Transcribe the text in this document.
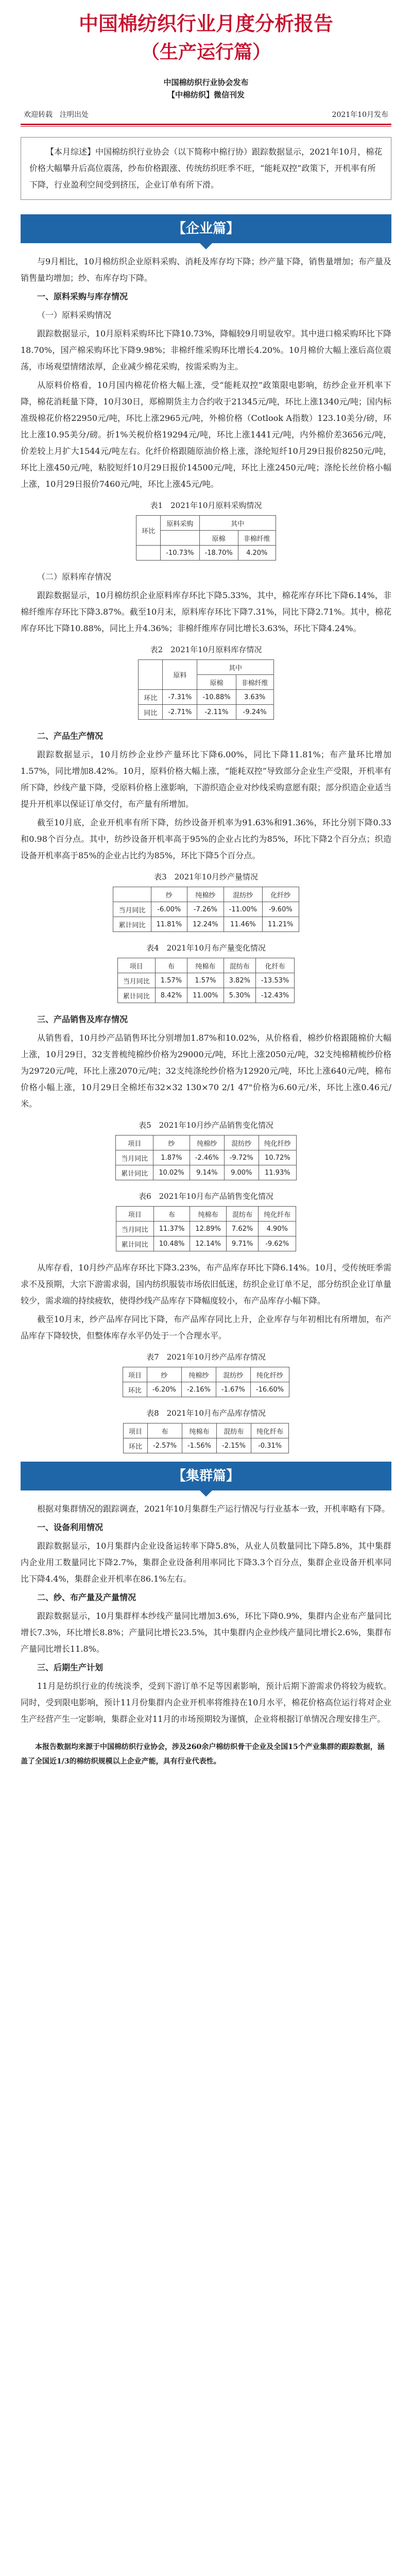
中国棉纺织行业月度分析报告
（生产运行篇）

中国棉纺织行业协会发布

【中棉纺织】微信刊发

欢迎转载　 注明出处	2021年10月发布
【本月综述】中国棉纺织行业协会（以下简称中棉行协）跟踪数据显示，2021年10月，棉花价格大幅攀升后高位震荡，纱布价格跟涨、传统纺织旺季不旺，“能耗双控”政策下，开机率有所下降，行业盈利空间受到挤压，企业订单有所下滑。
【企业篇】

与9月相比，10月棉纺织企业原料采购、消耗及库存均下降；纱产量下降，销售量增加；布产量及销售量均增加；纱、布库存均下降。

一、原料采购与库存情况

（一）原料采购情况

跟踪数据显示，10月原料采购环比下降10.73%，降幅较9月明显收窄。其中进口棉采购环比下降18.70%，国产棉采购环比下降9.98%；非棉纤维采购环比增长4.20%。10月棉价大幅上涨后高位震荡，市场观望情绪浓厚，企业减少棉花采购，按需采购为主。

从原料价格看，10月国内棉花价格大幅上涨，受“能耗双控”政策限电影响，纺纱企业开机率下降，棉花消耗量下降，10月30日，郑棉期货主力合约收于21345元/吨，环比上涨1340元/吨；国内标准级棉花价格22950元/吨，环比上涨2965元/吨，外棉价格（Cotlook A指数）123.10美分/磅，环比上涨10.95美分/磅。折1%关税价格19294元/吨，环比上涨1441元/吨，内外棉价差3656元/吨，价差较上月扩大1544元/吨左右。化纤价格跟随原油价格上涨，涤纶短纤10月29日报价8250元/吨，环比上涨450元/吨，粘胶短纤10月29日报价14500元/吨，环比上涨2450元/吨；涤纶长丝价格小幅上涨，10月29日报价7460元/吨，环比上涨45元/吨。

表1　2021年10月原料采购情况
环比	原料采购	其中	
		原棉	非棉纤维
	-10.73%	-18.70%	4.20%

（二）原料库存情况

跟踪数据显示，10月棉纺织企业原料库存环比下降5.33%，其中，棉花库存环比下降6.14%，非棉纤维库存环比下降3.87%。截至10月末，原料库存环比下降7.31%，同比下降2.71%。其中，棉花库存环比下降10.88%，同比上升4.36%；非棉纤维库存同比增长3.63%，环比下降4.24%。

表2　2021年10月原料库存情况
	原料	其中	
		原棉	非棉纤维
环比	-7.31%	-10.88%	3.63%
同比	-2.71%	-2.11%	-9.24%

二、产品生产情况

跟踪数据显示，10月纺纱企业纱产量环比下降6.00%，同比下降11.81%；布产量环比增加1.57%，同比增加8.42%。10月，原料价格大幅上涨，“能耗双控”导致部分企业生产受限，开机率有所下降，纱线产量下降，受原料价格上涨影响，下游织造企业对纱线采购意愿有限；部分织造企业适当提升开机率以保证订单交付，布产量有所增加。

截至10月底，企业开机率有所下降，纺纱设备开机率为91.63%和91.36%，环比分别下降0.33和0.98个百分点。其中，纺纱设备开机率高于95%的企业占比约为85%，环比下降2个百分点；织造设备开机率高于85%的企业占比约为85%，环比下降5个百分点。

表3　2021年10月纱产量情况
	纱	纯棉纱	混纺纱	化纤纱
当月同比	-6.00%	-7.26%	-11.00%	-9.60%
累计同比	11.81%	12.24%	11.46%	11.21%
表4　2021年10月布产量变化情况
项目	布	纯棉布	混纺布	化纤布
当月同比	1.57%	1.57%	3.82%	-13.53%
累计同比	8.42%	11.00%	5.30%	-12.43%

三、产品销售及库存情况

从销售看，10月纱产品销售环比分别增加1.87%和10.02%，从价格看，棉纱价格跟随棉价大幅上涨，10月29日，32支普梳纯棉纱价格为29000元/吨，环比上涨2050元/吨，32支纯棉精梳纱价格为29720元/吨，环比上涨2070元/吨；32支纯涤纶纱价格为12920元/吨，环比上涨640元/吨，棉布价格小幅上涨，10月29日全棉坯布32×32 130×70 2/1 47"价格为6.60元/米，环比上涨0.46元/米。

表5　2021年10月纱产品销售变化情况
项目	纱	纯棉纱	混纺纱	纯化纤纱
当月同比	1.87%	-2.46%	-9.72%	10.72%
累计同比	10.02%	9.14%	9.00%	11.93%
表6　2021年10月布产品销售变化情况
项目	布	纯棉布	混纺布	纯化纤布
当月同比	11.37%	12.89%	7.62%	4.90%
累计同比	10.48%	12.14%	9.71%	-9.62%

从库存看，10月纱产品库存环比下降3.23%，布产品库存环比下降6.14%。10月，受传统旺季需求不及预期，大宗下游需求弱，国内纺织服装市场依旧低迷，纺织企业订单不足，部分纺织企业订单量较少，需求端的持续疲软，使得纱线产品库存下降幅度较小，布产品库存小幅下降。

截至10月末，纱产品库存同比下降，布产品库存同比上升，企业库存与年初相比有所增加，布产品库存下降较快，但整体库存水平仍处于一个合理水平。

表7　2021年10月纱产品库存情况
项目	纱	纯棉纱	混纺纱	纯化纤纱
环比	-6.20%	-2.16%	-1.67%	-16.60%
表8　2021年10月布产品库存情况
项目	布	纯棉布	混纺布	纯化纤布
环比	-2.57%	-1.56%	-2.15%	-0.31%
【集群篇】

根据对集群情况的跟踪调查，2021年10月集群生产运行情况与行业基本一致，开机率略有下降。

一、设备利用情况

跟踪数据显示，10月集群内企业设备运转率下降5.8%，从业人员数量同比下降5.8%，其中集群内企业用工数量同比下降2.7%，集群企业设备利用率同比下降3.3个百分点，集群企业设备开机率同比下降4.4%，集群企业开机率在86.1%左右。

二、纱、布产量及产量情况

跟踪数据显示，10月集群样本纱线产量同比增加3.6%，环比下降0.9%，集群内企业布产量同比增长7.3%，环比增长8.8%；产量同比增长23.5%，其中集群内企业纱线产量同比增长2.6%，集群布产量同比增长11.8%。

三、后期生产计划

11月是纺织行业的传统淡季，受到下游订单不足等因素影响，预计后期下游需求仍将较为疲软。同时，受到限电影响，预计11月份集群内企业开机率将维持在10月水平，棉花价格高位运行将对企业生产经营产生一定影响，集群企业对11月的市场预期较为谨慎，企业将根据订单情况合理安排生产。

本报告数据均来源于中国棉纺织行业协会，涉及260余户棉纺织骨干企业及全国15个产业集群的跟踪数据，涵盖了全国近1/3的棉纺织规模以上企业产能，具有行业代表性。
